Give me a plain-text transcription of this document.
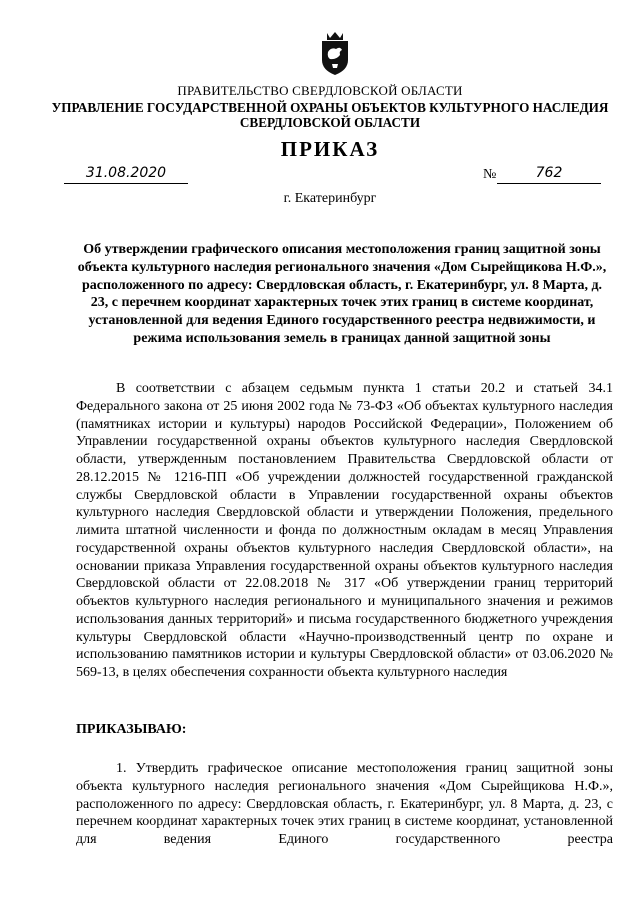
ПРАВИТЕЛЬСТВО СВЕРДЛОВСКОЙ ОБЛАСТИ
УПРАВЛЕНИЕ ГОСУДАРСТВЕННОЙ ОХРАНЫ ОБЪЕКТОВ КУЛЬТУРНОГО НАСЛЕДИЯ
СВЕРДЛОВСКОЙ ОБЛАСТИ
ПРИКАЗ
31.08.2020	№	762
г. Екатеринбург

Об утверждении графического описания местоположения границ защитной зоны объекта культурного наследия регионального значения «Дом Сырейщикова Н.Ф.», расположенного по адресу: Свердловская область, г. Екатеринбург, ул. 8 Марта, д. 23, с перечнем координат характерных точек этих границ в системе координат, установленной для ведения Единого государственного реестра недвижимости, и режима использования земель в границах данной защитной зоны

В соответствии с абзацем седьмым пункта 1 статьи 20.2 и статьей 34.1 Федерального закона от 25 июня 2002 года № 73-ФЗ «Об объектах культурного наследия (памятниках истории и культуры) народов Российской Федерации», Положением об Управлении государственной охраны объектов культурного наследия Свердловской области, утвержденным постановлением Правительства Свердловской области от 28.12.2015 № 1216-ПП «Об учреждении должностей государственной гражданской службы Свердловской области в Управлении государственной охраны объектов культурного наследия Свердловской области и утверждении Положения, предельного лимита штатной численности и фонда по должностным окладам в месяц Управления государственной охраны объектов культурного наследия Свердловской области», на основании приказа Управления государственной охраны объектов культурного наследия Свердловской области от 22.08.2018 № 317 «Об утверждении границ территорий объектов культурного наследия регионального и муниципального значения и режимов использования данных территорий» и письма государственного бюджетного учреждения культуры Свердловской области «Научно-производственный центр по охране и использованию памятников истории и культуры Свердловской области» от 03.06.2020 № 569-13, в целях обеспечения сохранности объекта культурного наследия

ПРИКАЗЫВАЮ:

1. Утвердить графическое описание местоположения границ защитной зоны объекта культурного наследия регионального значения «Дом Сырейщикова Н.Ф.», расположенного по адресу: Свердловская область, г. Екатеринбург, ул. 8 Марта, д. 23, с перечнем координат характерных точек этих границ в системе координат, установленной для ведения Единого государственного реестра
